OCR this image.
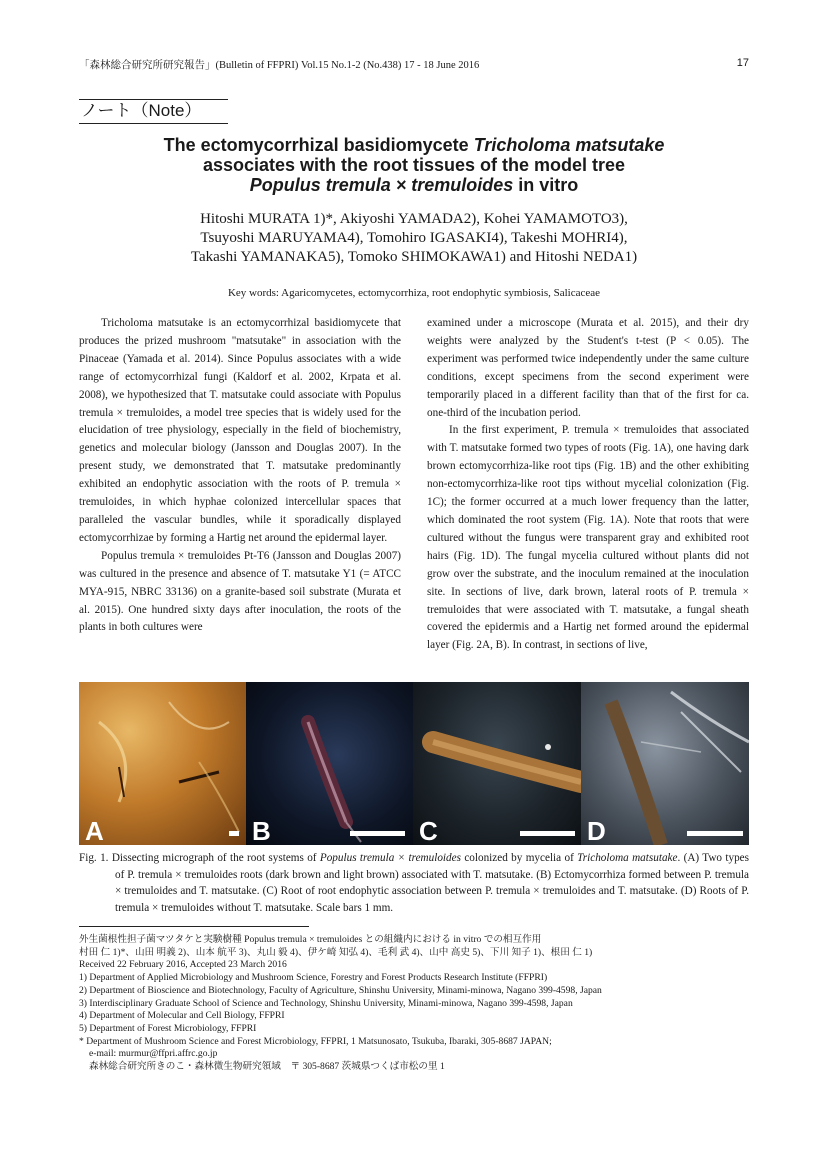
「森林総合研究所研究報告」(Bulletin of FFPRI) Vol.15 No.1-2 (No.438) 17 - 18 June 2016	17
ノート（Note）
The ectomycorrhizal basidiomycete Tricholoma matsutake
associates with the root tissues of the model tree
Populus tremula × tremuloides in vitro
Hitoshi MURATA 1)*, Akiyoshi YAMADA2), Kohei YAMAMOTO3),
Tsuyoshi MARUYAMA4), Tomohiro IGASAKI4), Takeshi MOHRI4),
Takashi YAMANAKA5), Tomoko SHIMOKAWA1) and Hitoshi NEDA1)
Key words: Agaricomycetes, ectomycorrhiza, root endophytic symbiosis, Salicaceae

Tricholoma matsutake is an ectomycorrhizal basidiomycete that produces the prized mushroom "matsutake" in association with the Pinaceae (Yamada et al. 2014). Since Populus associates with a wide range of ectomycorrhizal fungi (Kaldorf et al. 2002, Krpata et al. 2008), we hypothesized that T. matsutake could associate with Populus tremula × tremuloides, a model tree species that is widely used for the elucidation of tree physiology, especially in the field of biochemistry, genetics and molecular biology (Jansson and Douglas 2007). In the present study, we demonstrated that T. matsutake predominantly exhibited an endophytic association with the roots of P. tremula × tremuloides, in which hyphae colonized intercellular spaces that paralleled the vascular bundles, while it sporadically displayed ectomycorrhizae by forming a Hartig net around the epidermal layer.

Populus tremula × tremuloides Pt-T6 (Jansson and Douglas 2007) was cultured in the presence and absence of T. matsutake Y1 (= ATCC MYA-915, NBRC 33136) on a granite-based soil substrate (Murata et al. 2015). One hundred sixty days after inoculation, the roots of the plants in both cultures were

examined under a microscope (Murata et al. 2015), and their dry weights were analyzed by the Student's t-test (P < 0.05). The experiment was performed twice independently under the same culture conditions, except specimens from the second experiment were temporarily placed in a different facility than that of the first for ca. one-third of the incubation period.

In the first experiment, P. tremula × tremuloides that associated with T. matsutake formed two types of roots (Fig. 1A), one having dark brown ectomycorrhiza-like root tips (Fig. 1B) and the other exhibiting non-ectomycorrhiza-like root tips without mycelial colonization (Fig. 1C); the former occurred at a much lower frequency than the latter, which dominated the root system (Fig. 1A). Note that roots that were cultured without the fungus were transparent gray and exhibited root hairs (Fig. 1D). The fungal mycelia cultured without plants did not grow over the substrate, and the inoculum remained at the inoculation site. In sections of live, dark brown, lateral roots of P. tremula × tremuloides that were associated with T. matsutake, a fungal sheath covered the epidermis and a Hartig net formed around the epidermal layer (Fig. 2A, B). In contrast, in sections of live,

A	B	C	D
Fig. 1. Dissecting micrograph of the root systems of Populus tremula × tremuloides colonized by mycelia of Tricholoma matsutake. (A) Two types of P. tremula × tremuloides roots (dark brown and light brown) associated with T. matsutake. (B) Ectomycorrhiza formed between P. tremula × tremuloides and T. matsutake. (C) Root of root endophytic association between P. tremula × tremuloides and T. matsutake. (D) Roots of P. tremula × tremuloides without T. matsutake. Scale bars 1 mm.
外生菌根性担子菌マツタケと実験樹種 Populus tremula × tremuloides との組織内における in vitro での相互作用
村田 仁 1)*、山田 明義 2)、山本 航平 3)、丸山 毅 4)、伊ケ崎 知弘 4)、毛利 武 4)、山中 高史 5)、下川 知子 1)、根田 仁 1)
Received 22 February 2016, Accepted 23 March 2016
1) Department of Applied Microbiology and Mushroom Science, Forestry and Forest Products Research Institute (FFPRI)
2) Department of Bioscience and Biotechnology, Faculty of Agriculture, Shinshu University, Minami-minowa, Nagano 399-4598, Japan
3) Interdisciplinary Graduate School of Science and Technology, Shinshu University, Minami-minowa, Nagano 399-4598, Japan
4) Department of Molecular and Cell Biology, FFPRI
5) Department of Forest Microbiology, FFPRI
* Department of Mushroom Science and Forest Microbiology, FFPRI, 1 Matsunosato, Tsukuba, Ibaraki, 305-8687 JAPAN;
e-mail: murmur@ffpri.affrc.go.jp
森林総合研究所きのこ・森林微生物研究領域　〒 305-8687 茨城県つくば市松の里 1
